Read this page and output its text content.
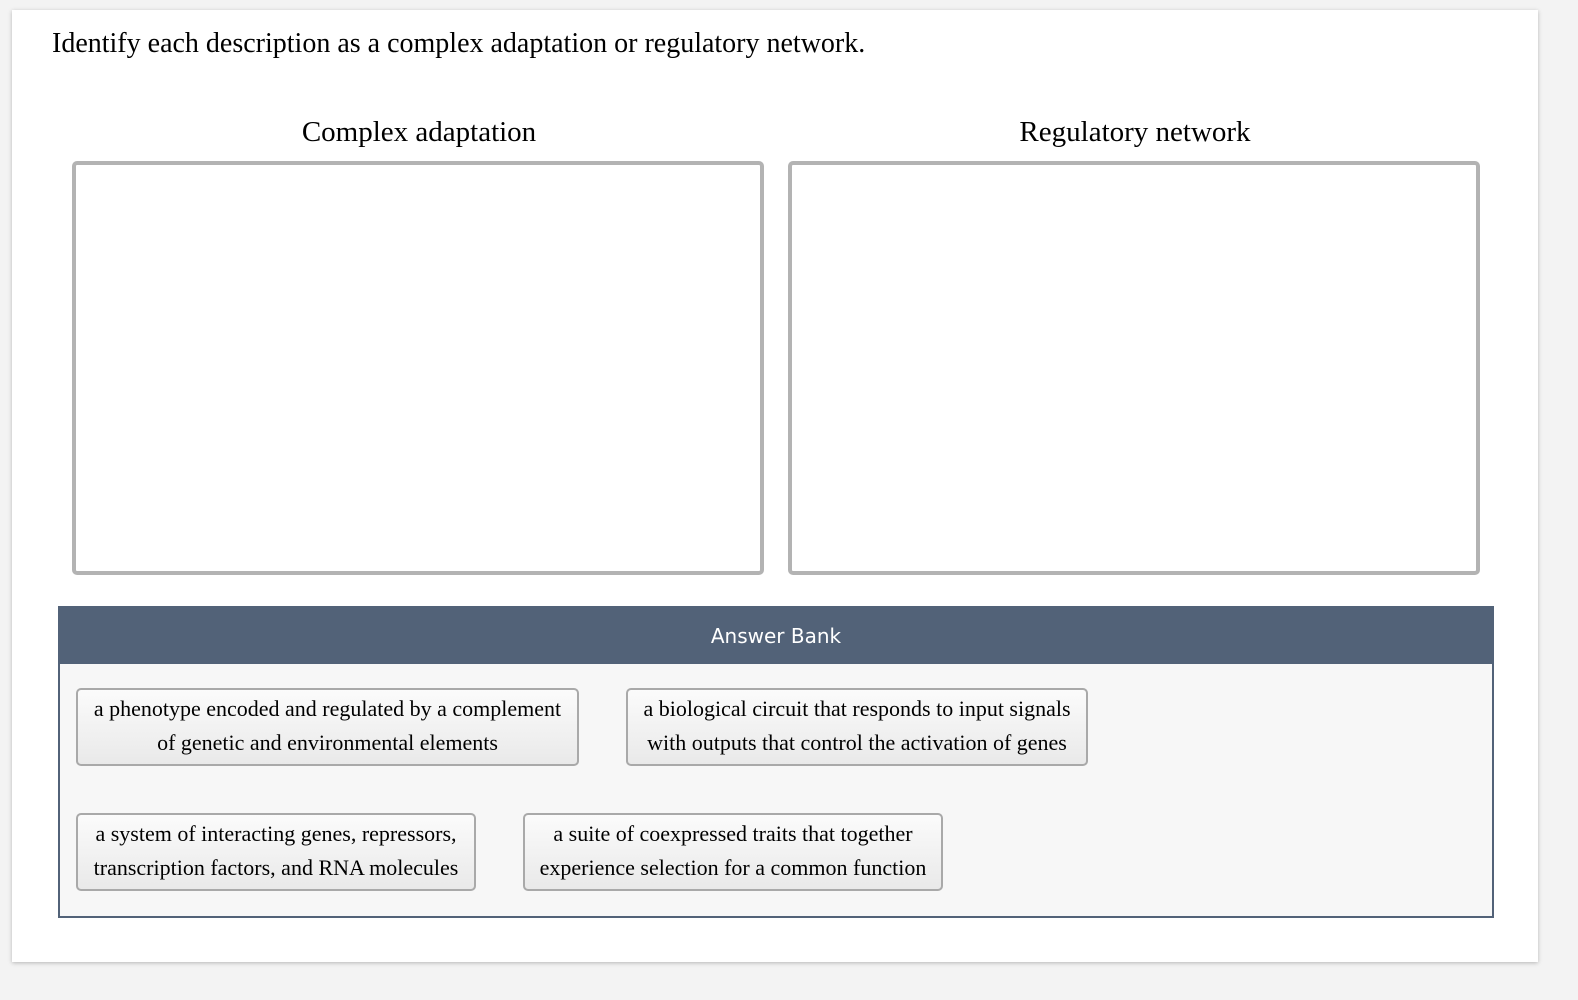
Identify each description as a complex adaptation or regulatory network.
Complex adaptation	Regulatory network
Answer Bank
a phenotype encoded and regulated by a complement
of genetic and environmental elements
a biological circuit that responds to input signals
with outputs that control the activation of genes
a system of interacting genes, repressors,
transcription factors, and RNA molecules
a suite of coexpressed traits that together
experience selection for a common function
